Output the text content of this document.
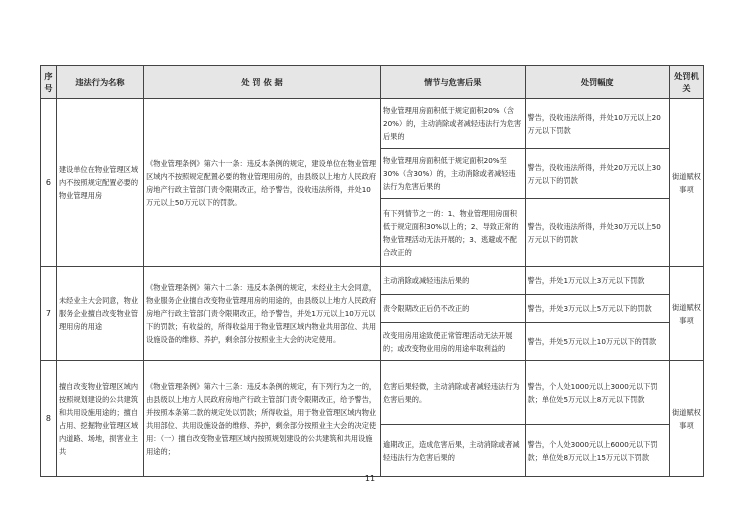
序号	违法行为名称	处 罚 依 据	情节与危害后果	处罚幅度	处罚机关
6	建设单位在物业管理区域内不按照规定配置必要的物业管理用房	《物业管理条例》第六十一条：违反本条例的规定，建设单位在物业管理区域内不按照规定配置必要的物业管理用房的，由县级以上地方人民政府房地产行政主管部门责令限期改正，给予警告，没收违法所得，并处10万元以上50万元以下的罚款。	物业管理用房面积低于规定面积20%（含20%）的，主动消除或者减轻违法行为危害后果的	警告，没收违法所得，并处10万元以上20万元以下罚款	街道赋权事项
			物业管理用房面积低于规定面积20%至30%（含30%）的，主动消除或者减轻违法行为危害后果的	警告，没收违法所得，并处20万元以上30万元以下的罚款	
			有下列情节之一的：1、物业管理用房面积低于规定面积30%以上的；2、导致正常的物业管理活动无法开展的；3、逃避或不配合改正的	警告，没收违法所得，并处30万元以上50万元以下的罚款	
7	未经业主大会同意，物业服务企业擅自改变物业管理用房的用途	《物业管理条例》第六十二条：违反本条例的规定，未经业主大会同意，物业服务企业擅自改变物业管理用房的用途的，由县级以上地方人民政府房地产行政主管部门责令限期改正，给予警告，并处1万元以上10万元以下的罚款；有收益的，所得收益用于物业管理区域内物业共用部位、共用设施设备的维修、养护，剩余部分按照业主大会的决定使用。	主动消除或减轻违法后果的	警告，并处1万元以上3万元以下罚款	街道赋权事项
			责令限期改正后仍不改正的	警告，并处3万元以上5万元以下的罚款	
			改变用房用途致使正常管理活动无法开展的；或改变物业用房的用途牟取利益的	警告，并处5万元以上10万元以下的罚款	
8	擅自改变物业管理区域内按照规划建设的公共建筑和共用设施用途的；擅自占用、挖掘物业管理区域内道路、场地，损害业主共	《物业管理条例》第六十三条：违反本条例的规定，有下列行为之一的，由县级以上地方人民政府房地产行政主管部门责令限期改正，给予警告，并按照本条第二款的规定处以罚款；所得收益，用于物业管理区域内物业共用部位、共用设施设备的维修、养护，剩余部分按照业主大会的决定使用：（一）擅自改变物业管理区域内按照规划建设的公共建筑和共用设施用途的；	危害后果轻微，主动消除或者减轻违法行为危害后果的。	警告，个人处1000元以上3000元以下罚款；单位处5万元以上8万元以下罚款	街道赋权事项
			逾期改正，造成危害后果，主动消除或者减轻违法行为危害后果的	警告，个人处3000元以上6000元以下罚款；单位处8万元以上15万元以下罚款	
11
